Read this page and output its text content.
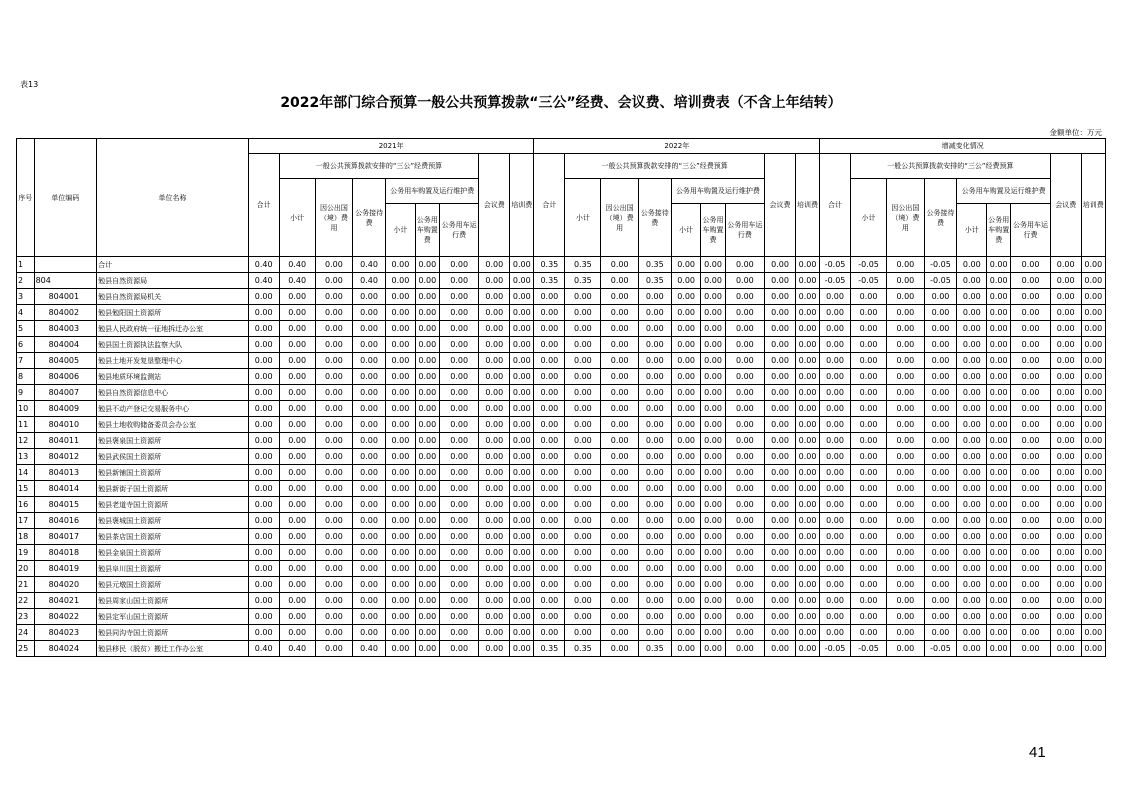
表13
2022年部门综合预算一般公共预算拨款“三公”经费、会议费、培训费表（不含上年结转）
金额单位：万元
序号	单位编码	单位名称	2021年									2022年									增减变化情况								
			合计	一般公共预算拨款安排的“三公”经费预算						会议费	培训费	合计	一般公共预算拨款安排的“三公”经费预算						会议费	培训费	合计	一般公共预算拨款安排的“三公”经费预算						会议费	培训费
				小计	因公出国（境）费用	公务接待费	公务用车购置及运行维护费						小计	因公出国（境）费用	公务接待费	公务用车购置及运行维护费						小计	因公出国（境）费用	公务接待费	公务用车购置及运行维护费				
							小计	公务用车购置费	公务用车运行费							小计	公务用车购置费	公务用车运行费							小计	公务用车购置费	公务用车运行费		
1		合计	0.40	0.40	0.00	0.40	0.00	0.00	0.00	0.00	0.00	0.35	0.35	0.00	0.35	0.00	0.00	0.00	0.00	0.00	-0.05	-0.05	0.00	-0.05	0.00	0.00	0.00	0.00	0.00
2	804	勉县自然资源局	0.40	0.40	0.00	0.40	0.00	0.00	0.00	0.00	0.00	0.35	0.35	0.00	0.35	0.00	0.00	0.00	0.00	0.00	-0.05	-0.05	0.00	-0.05	0.00	0.00	0.00	0.00	0.00
3	804001	勉县自然资源局机关	0.00	0.00	0.00	0.00	0.00	0.00	0.00	0.00	0.00	0.00	0.00	0.00	0.00	0.00	0.00	0.00	0.00	0.00	0.00	0.00	0.00	0.00	0.00	0.00	0.00	0.00	0.00
4	804002	勉县勉阳国土资源所	0.00	0.00	0.00	0.00	0.00	0.00	0.00	0.00	0.00	0.00	0.00	0.00	0.00	0.00	0.00	0.00	0.00	0.00	0.00	0.00	0.00	0.00	0.00	0.00	0.00	0.00	0.00
5	804003	勉县人民政府统一征地拆迁办公室	0.00	0.00	0.00	0.00	0.00	0.00	0.00	0.00	0.00	0.00	0.00	0.00	0.00	0.00	0.00	0.00	0.00	0.00	0.00	0.00	0.00	0.00	0.00	0.00	0.00	0.00	0.00
6	804004	勉县国土资源执法监察大队	0.00	0.00	0.00	0.00	0.00	0.00	0.00	0.00	0.00	0.00	0.00	0.00	0.00	0.00	0.00	0.00	0.00	0.00	0.00	0.00	0.00	0.00	0.00	0.00	0.00	0.00	0.00
7	804005	勉县土地开发复垦整理中心	0.00	0.00	0.00	0.00	0.00	0.00	0.00	0.00	0.00	0.00	0.00	0.00	0.00	0.00	0.00	0.00	0.00	0.00	0.00	0.00	0.00	0.00	0.00	0.00	0.00	0.00	0.00
8	804006	勉县地质环境监测站	0.00	0.00	0.00	0.00	0.00	0.00	0.00	0.00	0.00	0.00	0.00	0.00	0.00	0.00	0.00	0.00	0.00	0.00	0.00	0.00	0.00	0.00	0.00	0.00	0.00	0.00	0.00
9	804007	勉县自然资源信息中心	0.00	0.00	0.00	0.00	0.00	0.00	0.00	0.00	0.00	0.00	0.00	0.00	0.00	0.00	0.00	0.00	0.00	0.00	0.00	0.00	0.00	0.00	0.00	0.00	0.00	0.00	0.00
10	804009	勉县不动产登记交易服务中心	0.00	0.00	0.00	0.00	0.00	0.00	0.00	0.00	0.00	0.00	0.00	0.00	0.00	0.00	0.00	0.00	0.00	0.00	0.00	0.00	0.00	0.00	0.00	0.00	0.00	0.00	0.00
11	804010	勉县土地收购储备委员会办公室	0.00	0.00	0.00	0.00	0.00	0.00	0.00	0.00	0.00	0.00	0.00	0.00	0.00	0.00	0.00	0.00	0.00	0.00	0.00	0.00	0.00	0.00	0.00	0.00	0.00	0.00	0.00
12	804011	勉县褒泉国土资源所	0.00	0.00	0.00	0.00	0.00	0.00	0.00	0.00	0.00	0.00	0.00	0.00	0.00	0.00	0.00	0.00	0.00	0.00	0.00	0.00	0.00	0.00	0.00	0.00	0.00	0.00	0.00
13	804012	勉县武侯国土资源所	0.00	0.00	0.00	0.00	0.00	0.00	0.00	0.00	0.00	0.00	0.00	0.00	0.00	0.00	0.00	0.00	0.00	0.00	0.00	0.00	0.00	0.00	0.00	0.00	0.00	0.00	0.00
14	804013	勉县新铺国土资源所	0.00	0.00	0.00	0.00	0.00	0.00	0.00	0.00	0.00	0.00	0.00	0.00	0.00	0.00	0.00	0.00	0.00	0.00	0.00	0.00	0.00	0.00	0.00	0.00	0.00	0.00	0.00
15	804014	勉县新街子国土资源所	0.00	0.00	0.00	0.00	0.00	0.00	0.00	0.00	0.00	0.00	0.00	0.00	0.00	0.00	0.00	0.00	0.00	0.00	0.00	0.00	0.00	0.00	0.00	0.00	0.00	0.00	0.00
16	804015	勉县老道寺国土资源所	0.00	0.00	0.00	0.00	0.00	0.00	0.00	0.00	0.00	0.00	0.00	0.00	0.00	0.00	0.00	0.00	0.00	0.00	0.00	0.00	0.00	0.00	0.00	0.00	0.00	0.00	0.00
17	804016	勉县褒城国土资源所	0.00	0.00	0.00	0.00	0.00	0.00	0.00	0.00	0.00	0.00	0.00	0.00	0.00	0.00	0.00	0.00	0.00	0.00	0.00	0.00	0.00	0.00	0.00	0.00	0.00	0.00	0.00
18	804017	勉县茶店国土资源所	0.00	0.00	0.00	0.00	0.00	0.00	0.00	0.00	0.00	0.00	0.00	0.00	0.00	0.00	0.00	0.00	0.00	0.00	0.00	0.00	0.00	0.00	0.00	0.00	0.00	0.00	0.00
19	804018	勉县金泉国土资源所	0.00	0.00	0.00	0.00	0.00	0.00	0.00	0.00	0.00	0.00	0.00	0.00	0.00	0.00	0.00	0.00	0.00	0.00	0.00	0.00	0.00	0.00	0.00	0.00	0.00	0.00	0.00
20	804019	勉县阜川国土资源所	0.00	0.00	0.00	0.00	0.00	0.00	0.00	0.00	0.00	0.00	0.00	0.00	0.00	0.00	0.00	0.00	0.00	0.00	0.00	0.00	0.00	0.00	0.00	0.00	0.00	0.00	0.00
21	804020	勉县元墩国土资源所	0.00	0.00	0.00	0.00	0.00	0.00	0.00	0.00	0.00	0.00	0.00	0.00	0.00	0.00	0.00	0.00	0.00	0.00	0.00	0.00	0.00	0.00	0.00	0.00	0.00	0.00	0.00
22	804021	勉县周家山国土资源所	0.00	0.00	0.00	0.00	0.00	0.00	0.00	0.00	0.00	0.00	0.00	0.00	0.00	0.00	0.00	0.00	0.00	0.00	0.00	0.00	0.00	0.00	0.00	0.00	0.00	0.00	0.00
23	804022	勉县定军山国土资源所	0.00	0.00	0.00	0.00	0.00	0.00	0.00	0.00	0.00	0.00	0.00	0.00	0.00	0.00	0.00	0.00	0.00	0.00	0.00	0.00	0.00	0.00	0.00	0.00	0.00	0.00	0.00
24	804023	勉县同沟寺国土资源所	0.00	0.00	0.00	0.00	0.00	0.00	0.00	0.00	0.00	0.00	0.00	0.00	0.00	0.00	0.00	0.00	0.00	0.00	0.00	0.00	0.00	0.00	0.00	0.00	0.00	0.00	0.00
25	804024	勉县移民（脱贫）搬迁工作办公室	0.40	0.40	0.00	0.40	0.00	0.00	0.00	0.00	0.00	0.35	0.35	0.00	0.35	0.00	0.00	0.00	0.00	0.00	-0.05	-0.05	0.00	-0.05	0.00	0.00	0.00	0.00	0.00
41
